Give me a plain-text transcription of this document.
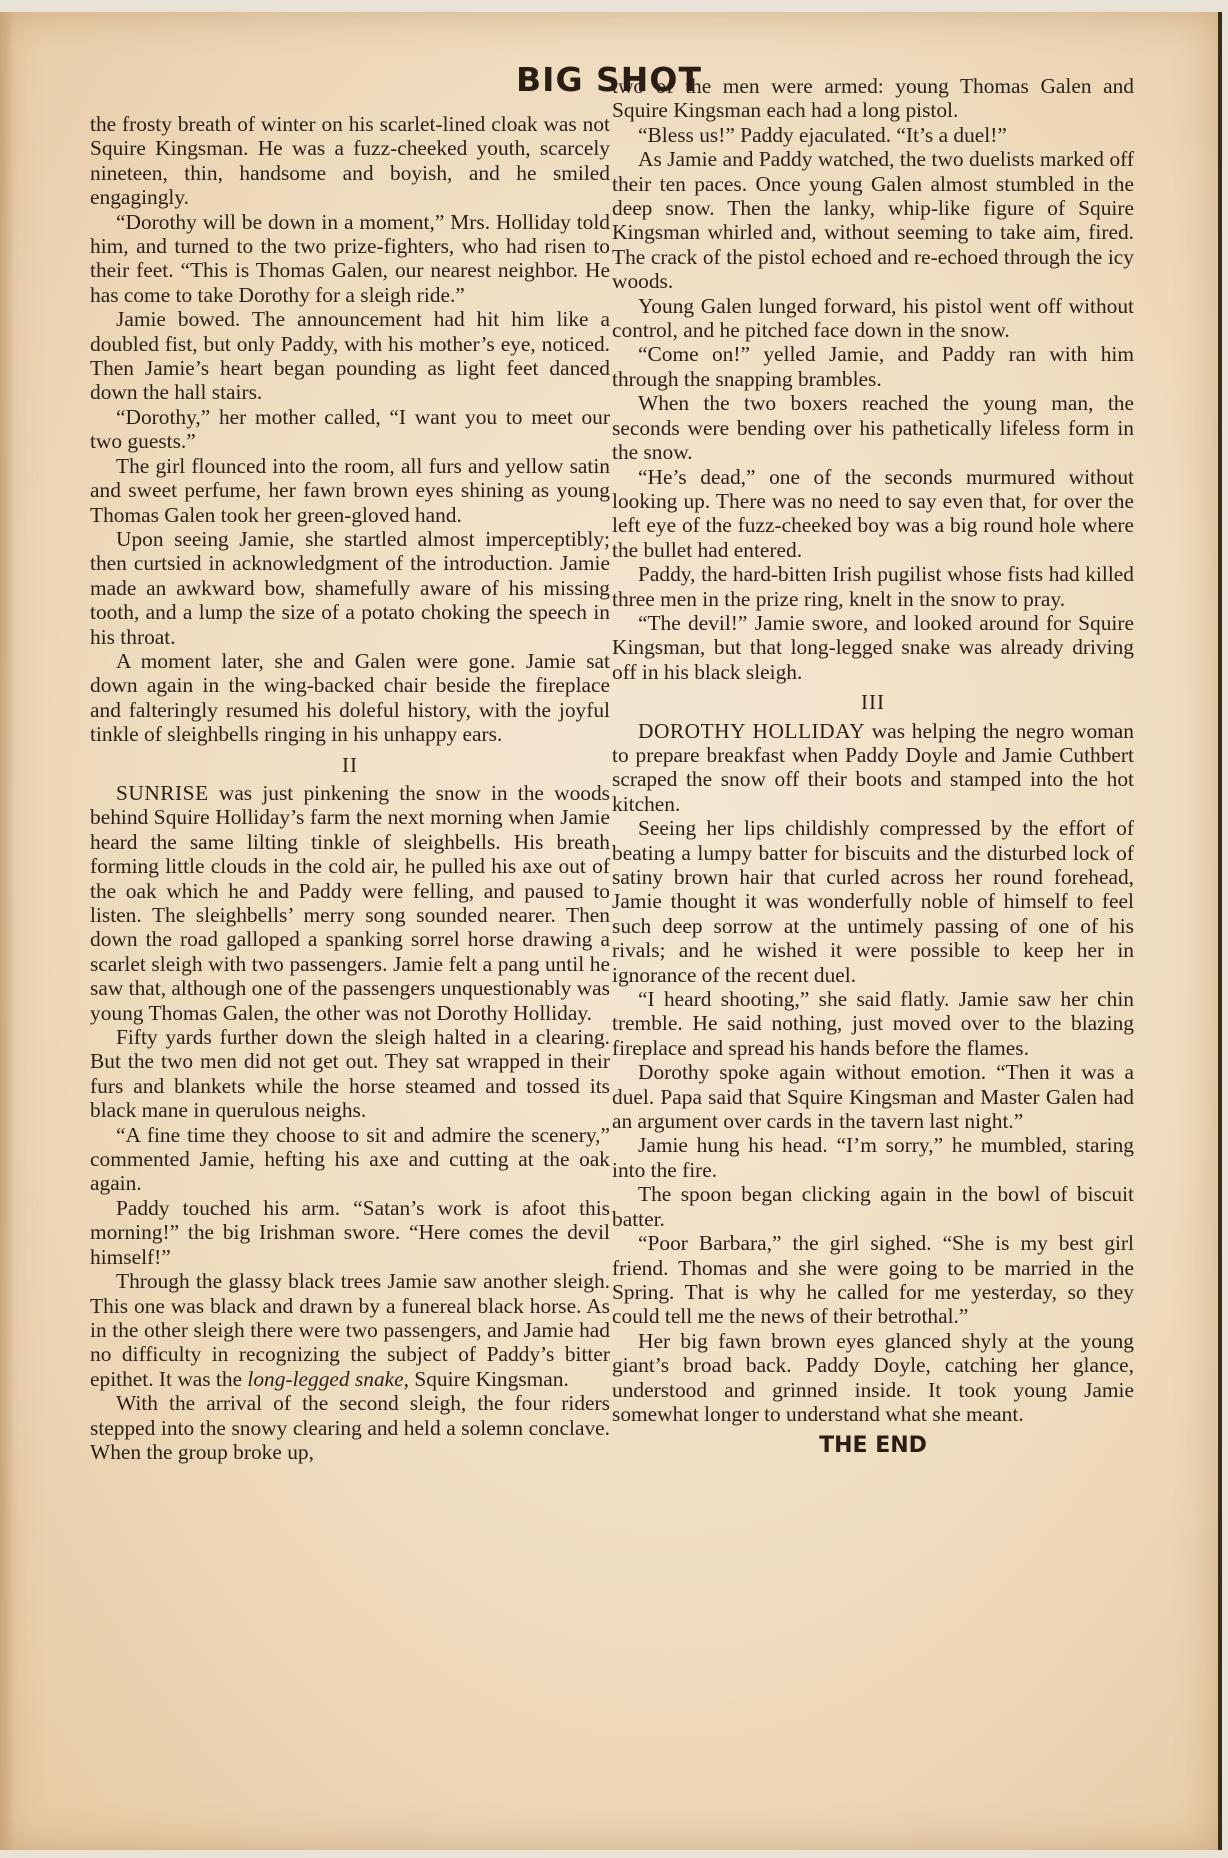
BIG SHOT

the frosty breath of winter on his scarlet-lined cloak was not Squire Kingsman. He was a fuzz-cheeked youth, scarcely nineteen, thin, handsome and boyish, and he smiled engagingly.

“Dorothy will be down in a moment,” Mrs. Holliday told him, and turned to the two prize-fighters, who had risen to their feet. “This is Thomas Galen, our nearest neighbor. He has come to take Dorothy for a sleigh ride.”

Jamie bowed. The announcement had hit him like a doubled fist, but only Paddy, with his mother’s eye, noticed. Then Jamie’s heart began pounding as light feet danced down the hall stairs.

“Dorothy,” her mother called, “I want you to meet our two guests.”

The girl flounced into the room, all furs and yellow satin and sweet perfume, her fawn brown eyes shining as young Thomas Galen took her green-gloved hand.

Upon seeing Jamie, she startled almost imperceptibly; then curtsied in acknowledgment of the introduction. Jamie made an awkward bow, shamefully aware of his missing tooth, and a lump the size of a potato choking the speech in his throat.

A moment later, she and Galen were gone. Jamie sat down again in the wing-backed chair beside the fireplace and falteringly resumed his doleful history, with the joyful tinkle of sleighbells ringing in his unhappy ears.

II

SUNRISE was just pinkening the snow in the woods behind Squire Holliday’s farm the next morning when Jamie heard the same lilting tinkle of sleighbells. His breath forming little clouds in the cold air, he pulled his axe out of the oak which he and Paddy were felling, and paused to listen. The sleighbells’ merry song sounded nearer. Then down the road galloped a spanking sorrel horse drawing a scarlet sleigh with two passengers. Jamie felt a pang until he saw that, although one of the passengers unquestionably was young Thomas Galen, the other was not Dorothy Holliday.

Fifty yards further down the sleigh halted in a clearing. But the two men did not get out. They sat wrapped in their furs and blankets while the horse steamed and tossed its black mane in querulous neighs.

“A fine time they choose to sit and admire the scenery,” commented Jamie, hefting his axe and cutting at the oak again.

Paddy touched his arm. “Satan’s work is afoot this morning!” the big Irishman swore. “Here comes the devil himself!”

Through the glassy black trees Jamie saw another sleigh. This one was black and drawn by a funereal black horse. As in the other sleigh there were two passengers, and Jamie had no difficulty in recognizing the subject of Paddy’s bitter epithet. It was the long-legged snake, Squire Kingsman.

With the arrival of the second sleigh, the four riders stepped into the snowy clearing and held a solemn conclave. When the group broke up,

two of the men were armed: young Thomas Galen and Squire Kingsman each had a long pistol.

“Bless us!” Paddy ejaculated. “It’s a duel!”

As Jamie and Paddy watched, the two duelists marked off their ten paces. Once young Galen almost stumbled in the deep snow. Then the lanky, whip-like figure of Squire Kingsman whirled and, without seeming to take aim, fired. The crack of the pistol echoed and re-echoed through the icy woods.

Young Galen lunged forward, his pistol went off without control, and he pitched face down in the snow.

“Come on!” yelled Jamie, and Paddy ran with him through the snapping brambles.

When the two boxers reached the young man, the seconds were bending over his pathetically lifeless form in the snow.

“He’s dead,” one of the seconds murmured without looking up. There was no need to say even that, for over the left eye of the fuzz-cheeked boy was a big round hole where the bullet had entered.

Paddy, the hard-bitten Irish pugilist whose fists had killed three men in the prize ring, knelt in the snow to pray.

“The devil!” Jamie swore, and looked around for Squire Kingsman, but that long-legged snake was already driving off in his black sleigh.

III

DOROTHY HOLLIDAY was helping the negro woman to prepare breakfast when Paddy Doyle and Jamie Cuthbert scraped the snow off their boots and stamped into the hot kitchen.

Seeing her lips childishly compressed by the effort of beating a lumpy batter for biscuits and the disturbed lock of satiny brown hair that curled across her round forehead, Jamie thought it was wonderfully noble of himself to feel such deep sorrow at the untimely passing of one of his rivals; and he wished it were possible to keep her in ignorance of the recent duel.

“I heard shooting,” she said flatly. Jamie saw her chin tremble. He said nothing, just moved over to the blazing fireplace and spread his hands before the flames.

Dorothy spoke again without emotion. “Then it was a duel. Papa said that Squire Kingsman and Master Galen had an argument over cards in the tavern last night.”

Jamie hung his head. “I’m sorry,” he mumbled, staring into the fire.

The spoon began clicking again in the bowl of biscuit batter.

“Poor Barbara,” the girl sighed. “She is my best girl friend. Thomas and she were going to be married in the Spring. That is why he called for me yesterday, so they could tell me the news of their betrothal.”

Her big fawn brown eyes glanced shyly at the young giant’s broad back. Paddy Doyle, catching her glance, understood and grinned inside. It took young Jamie somewhat longer to understand what she meant.

THE END
